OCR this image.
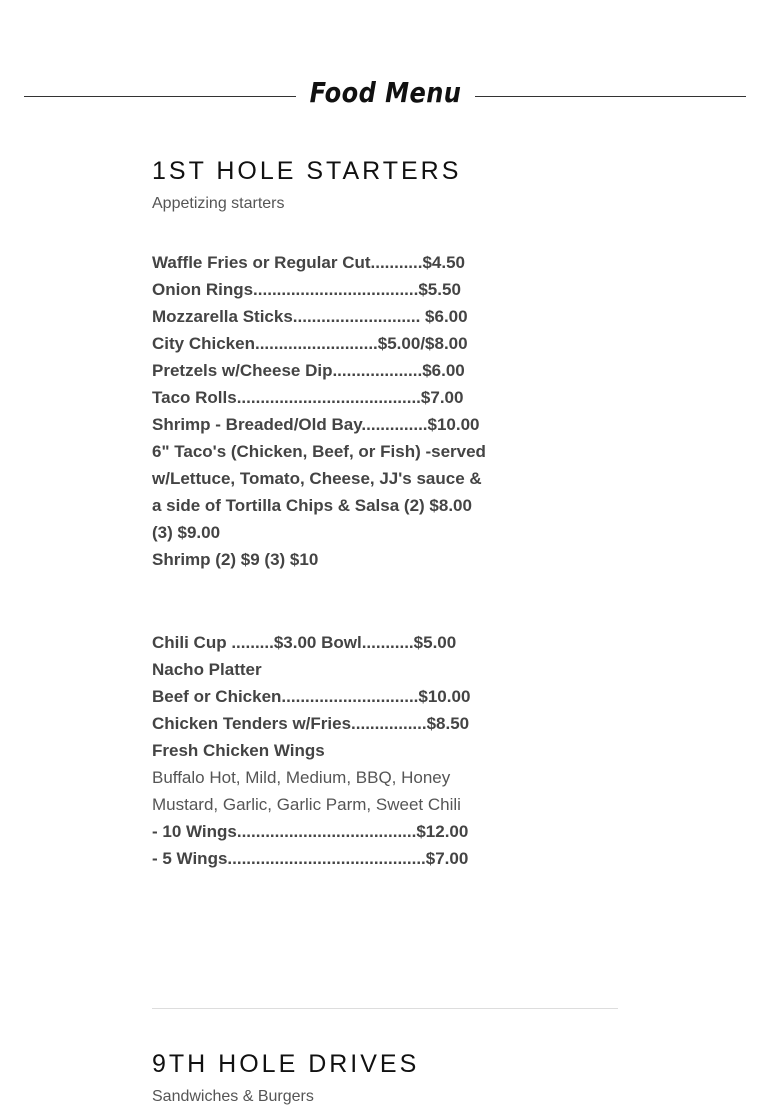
Food Menu
1ST HOLE STARTERS
Appetizing starters
Waffle Fries or Regular Cut...........$4.50
Onion Rings...................................$5.50
Mozzarella Sticks........................... $6.00
City Chicken..........................$5.00/$8.00
Pretzels w/Cheese Dip...................$6.00
Taco Rolls.......................................$7.00
Shrimp - Breaded/Old Bay..............$10.00
6" Taco's (Chicken, Beef, or Fish) -served w/Lettuce, Tomato, Cheese, JJ's sauce & a side of Tortilla Chips & Salsa (2) $8.00 (3) $9.00
Shrimp (2) $9 (3) $10
Chili Cup .........$3.00 Bowl...........$5.00
Nacho Platter
Beef or Chicken.............................$10.00
Chicken Tenders w/Fries................$8.50
Fresh Chicken Wings
Buffalo Hot, Mild, Medium, BBQ, Honey Mustard, Garlic, Garlic Parm, Sweet Chili
- 10 Wings......................................$12.00
- 5 Wings..........................................$7.00
9TH HOLE DRIVES
Sandwiches & Burgers
